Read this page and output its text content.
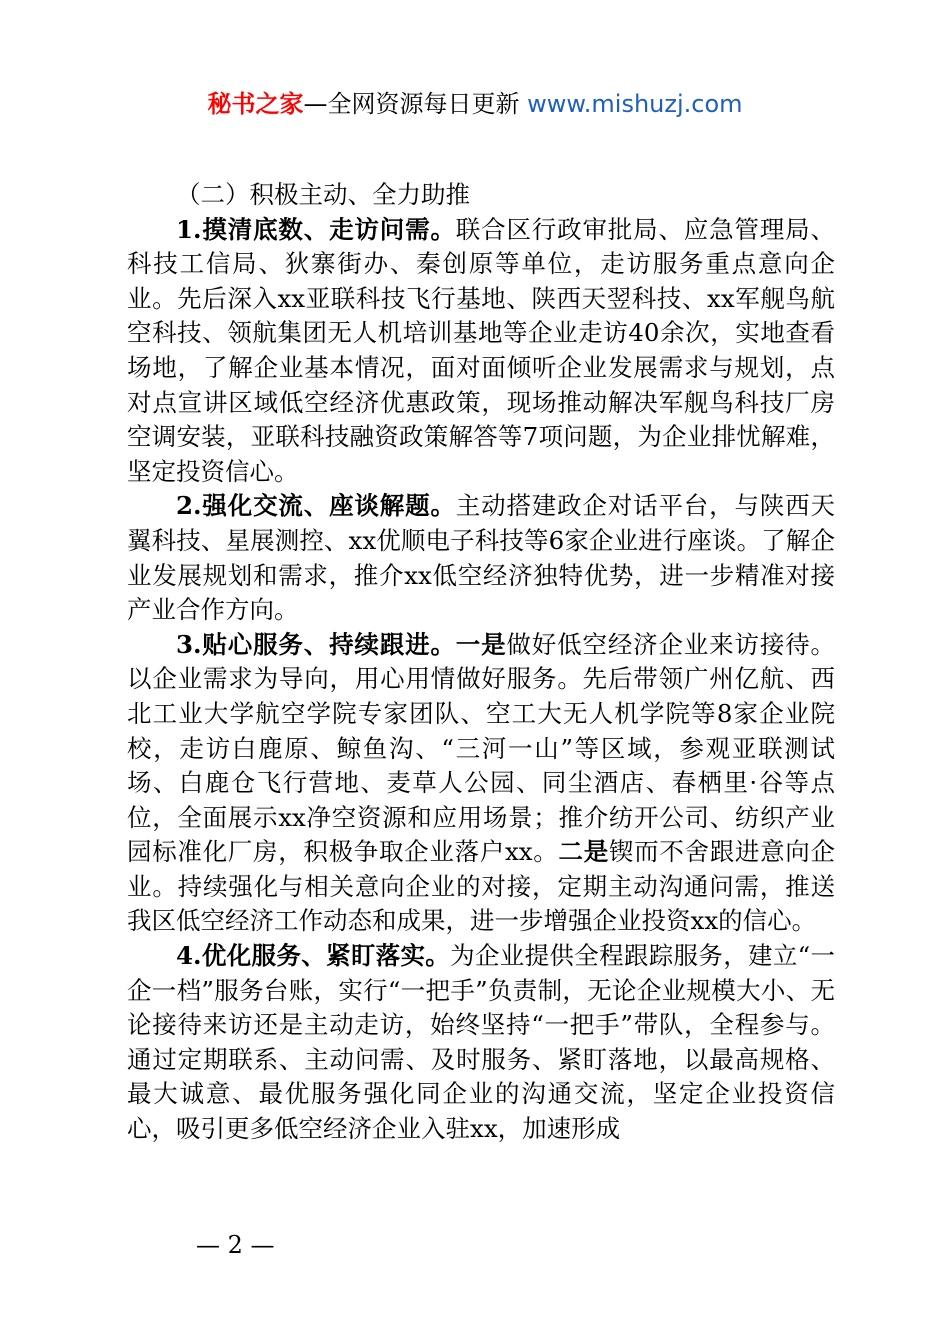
秘书之家—全网资源每日更新 www.mishuzj.com

（二）积极主动、全力助推

1.摸清底数、走访问需。联合区行政审批局、应急管理局、科技工信局、狄寨街办、秦创原等单位，走访服务重点意向企业。先后深入xx亚联科技飞行基地、陕西天翌科技、xx军舰鸟航空科技、领航集团无人机培训基地等企业走访40余次，实地查看场地，了解企业基本情况，面对面倾听企业发展需求与规划，点对点宣讲区域低空经济优惠政策，现场推动解决军舰鸟科技厂房空调安装，亚联科技融资政策解答等7项问题，为企业排忧解难，坚定投资信心。

2.强化交流、座谈解题。主动搭建政企对话平台，与陕西天翼科技、星展测控、xx优顺电子科技等6家企业进行座谈。了解企业发展规划和需求，推介xx低空经济独特优势，进一步精准对接产业合作方向。

3.贴心服务、持续跟进。一是做好低空经济企业来访接待。以企业需求为导向，用心用情做好服务。先后带领广州亿航、西北工业大学航空学院专家团队、空工大无人机学院等8家企业院校，走访白鹿原、鲸鱼沟、“三河一山”等区域，参观亚联测试场、白鹿仓飞行营地、麦草人公园、同尘酒店、春栖里·谷等点位，全面展示xx净空资源和应用场景；推介纺开公司、纺织产业园标准化厂房，积极争取企业落户xx。二是锲而不舍跟进意向企业。持续强化与相关意向企业的对接，定期主动沟通问需，推送我区低空经济工作动态和成果，进一步增强企业投资xx的信心。

4.优化服务、紧盯落实。为企业提供全程跟踪服务，建立“一企一档”服务台账，实行“一把手”负责制，无论企业规模大小、无论接待来访还是主动走访，始终坚持“一把手”带队，全程参与。通过定期联系、主动问需、及时服务、紧盯落地，以最高规格、最大诚意、最优服务强化同企业的沟通交流，坚定企业投资信心，吸引更多低空经济企业入驻xx，加速形成

— 2 —
